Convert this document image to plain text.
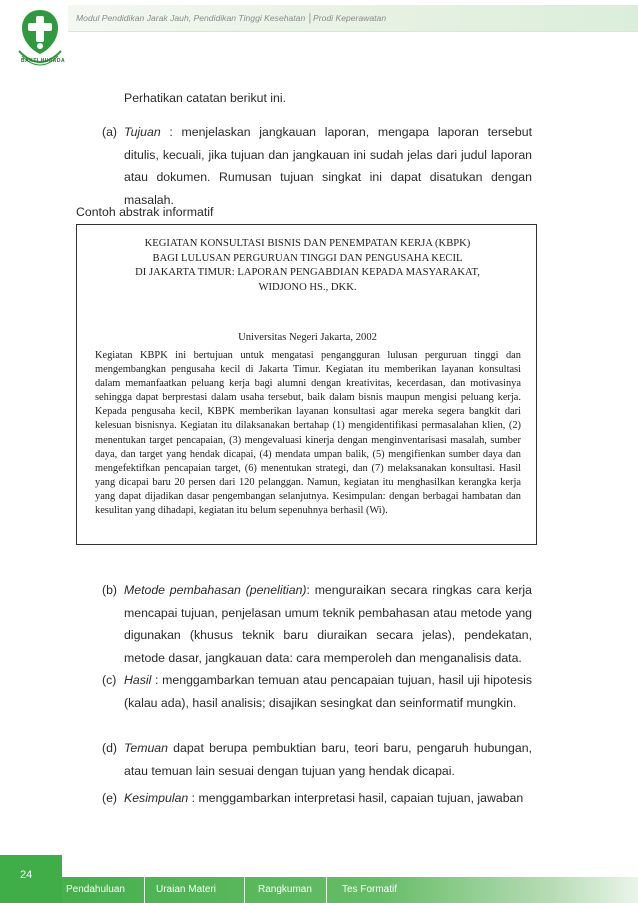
BAKTI HUSADA
Modul Pendidikan Jarak Jauh, Pendidikan Tinggi Kesehatan │Prodi Keperawatan
Perhatikan catatan berikut ini.
(a) Tujuan : menjelaskan jangkauan laporan, mengapa laporan tersebut ditulis, kecuali, jika tujuan dan jangkauan ini sudah jelas dari judul laporan atau dokumen. Rumusan tujuan singkat ini dapat disatukan dengan masalah.
Contoh abstrak informatif
KEGIATAN KONSULTASI BISNIS DAN PENEMPATAN KERJA (KBPK)
BAGI LULUSAN PERGURUAN TINGGI DAN PENGUSAHA KECIL
DI JAKARTA TIMUR: LAPORAN PENGABDIAN KEPADA MASYARAKAT,
WIDJONO HS., DKK.
Universitas Negeri Jakarta, 2002
Kegiatan KBPK ini bertujuan untuk mengatasi pengangguran lulusan perguruan tinggi dan mengembangkan pengusaha kecil di Jakarta Timur. Kegiatan itu memberikan layanan konsultasi dalam memanfaatkan peluang kerja bagi alumni dengan kreativitas, kecerdasan, dan motivasinya sehingga dapat berprestasi dalam usaha tersebut, baik dalam bisnis maupun mengisi peluang kerja. Kepada pengusaha kecil, KBPK memberikan layanan konsultasi agar mereka segera bangkit dari kelesuan bisnisnya. Kegiatan itu dilaksanakan bertahap (1) mengidentifikasi permasalahan klien, (2) menentukan target pencapaian, (3) mengevaluasi kinerja dengan menginventarisasi masalah, sumber daya, dan target yang hendak dicapai, (4) mendata umpan balik, (5) mengifienkan sumber daya dan mengefektifkan pencapaian target, (6) menentukan strategi, dan (7) melaksanakan konsultasi. Hasil yang dicapai baru 20 persen dari 120 pelanggan. Namun, kegiatan itu menghasilkan kerangka kerja yang dapat dijadikan dasar pengembangan selanjutnya. Kesimpulan: dengan berbagai hambatan dan kesulitan yang dihadapi, kegiatan itu belum sepenuhnya berhasil (Wi).
(b) Metode pembahasan (penelitian): menguraikan secara ringkas cara kerja mencapai tujuan, penjelasan umum teknik pembahasan atau metode yang digunakan (khusus teknik baru diuraikan secara jelas), pendekatan, metode dasar, jangkauan data: cara memperoleh dan menganalisis data.
(c) Hasil : menggambarkan temuan atau pencapaian tujuan, hasil uji hipotesis (kalau ada), hasil analisis; disajikan sesingkat dan seinformatif mungkin.
(d) Temuan dapat berupa pembuktian baru, teori baru, pengaruh hubungan, atau temuan lain sesuai dengan tujuan yang hendak dicapai.
(e) Kesimpulan : menggambarkan interpretasi hasil, capaian tujuan, jawaban
24
Pendahuluan	Uraian Materi	Rangkuman	Tes Formatif
